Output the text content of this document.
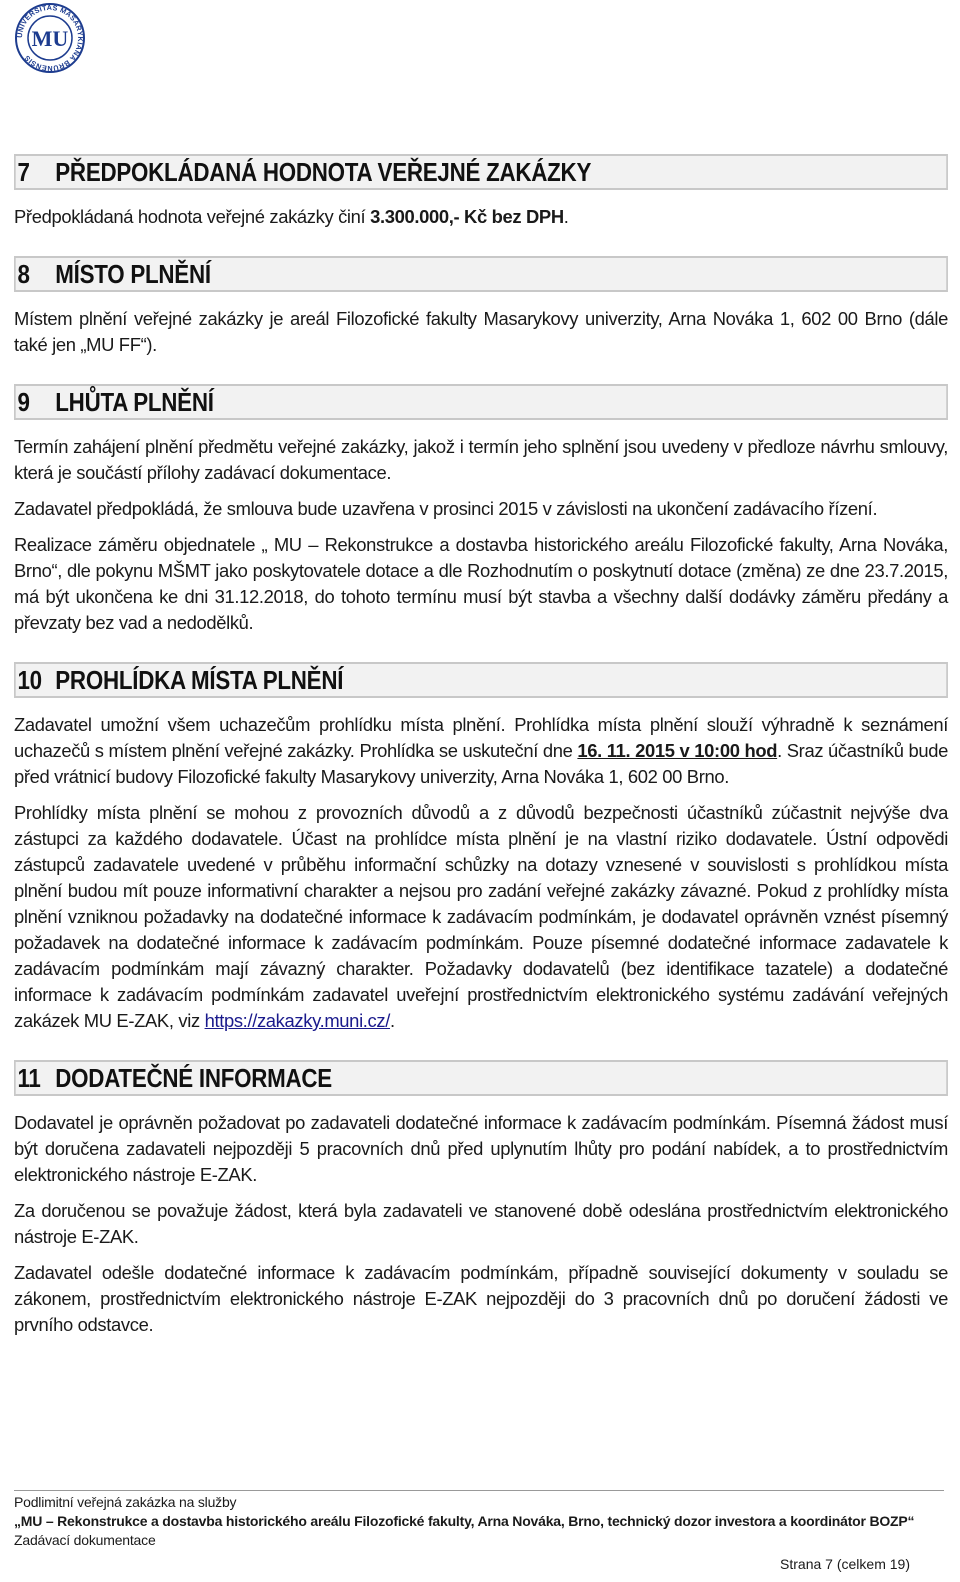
UNIVERSITAS MASARYKIANA BRUNENSIS
MU
7 PŘEDPOKLÁDANÁ HODNOTA VEŘEJNÉ ZAKÁZKY

Předpokládaná hodnota veřejné zakázky činí 3.300.000,- Kč bez DPH.

8 MÍSTO PLNĚNÍ

Místem plnění veřejné zakázky je areál Filozofické fakulty Masarykovy univerzity, Arna Nováka 1, 602 00 Brno (dále také jen „MU FF“).

9 LHŮTA PLNĚNÍ

Termín zahájení plnění předmětu veřejné zakázky, jakož i termín jeho splnění jsou uvedeny v předloze návrhu smlouvy, která je součástí přílohy zadávací dokumentace.

Zadavatel předpokládá, že smlouva bude uzavřena v prosinci 2015 v závislosti na ukončení zadávacího řízení.

Realizace záměru objednatele „ MU – Rekonstrukce a dostavba historického areálu Filozofické fakulty, Arna Nováka, Brno“, dle pokynu MŠMT jako poskytovatele dotace a dle Rozhodnutím o poskytnutí dotace (změna) ze dne 23.7.2015, má být ukončena ke dni 31.12.2018, do tohoto termínu musí být stavba a všechny další dodávky záměru předány a převzaty bez vad a nedodělků.

10 PROHLÍDKA MÍSTA PLNĚNÍ

Zadavatel umožní všem uchazečům prohlídku místa plnění. Prohlídka místa plnění slouží výhradně k seznámení uchazečů s místem plnění veřejné zakázky. Prohlídka se uskuteční dne 16. 11. 2015 v 10:00 hod. Sraz účastníků bude před vrátnicí budovy Filozofické fakulty Masarykovy univerzity, Arna Nováka 1, 602 00 Brno.

Prohlídky místa plnění se mohou z provozních důvodů a z důvodů bezpečnosti účastníků zúčastnit nejvýše dva zástupci za každého dodavatele. Účast na prohlídce místa plnění je na vlastní riziko dodavatele. Ústní odpovědi zástupců zadavatele uvedené v průběhu informační schůzky na dotazy vznesené v souvislosti s prohlídkou místa plnění budou mít pouze informativní charakter a nejsou pro zadání veřejné zakázky závazné. Pokud z prohlídky místa plnění vzniknou požadavky na dodatečné informace k zadávacím podmínkám, je dodavatel oprávněn vznést písemný požadavek na dodatečné informace k zadávacím podmínkám. Pouze písemné dodatečné informace zadavatele k zadávacím podmínkám mají závazný charakter. Požadavky dodavatelů (bez identifikace tazatele) a dodatečné informace k zadávacím podmínkám zadavatel uveřejní prostřednictvím elektronického systému zadávání veřejných zakázek MU E-ZAK, viz https://zakazky.muni.cz/.

11 DODATEČNÉ INFORMACE

Dodavatel je oprávněn požadovat po zadavateli dodatečné informace k zadávacím podmínkám. Písemná žádost musí být doručena zadavateli nejpozději 5 pracovních dnů před uplynutím lhůty pro podání nabídek, a to prostřednictvím elektronického nástroje E-ZAK.

Za doručenou se považuje žádost, která byla zadavateli ve stanovené době odeslána prostřednictvím elektronického nástroje E-ZAK.

Zadavatel odešle dodatečné informace k zadávacím podmínkám, případně související dokumenty v souladu se zákonem, prostřednictvím elektronického nástroje E-ZAK nejpozději do 3 pracovních dnů po doručení žádosti ve prvního odstavce.

Podlimitní veřejná zakázka na služby
„MU – Rekonstrukce a dostavba historického areálu Filozofické fakulty, Arna Nováka, Brno, technický dozor investora a koordinátor BOZP“
Zadávací dokumentace
Strana 7 (celkem 19)
